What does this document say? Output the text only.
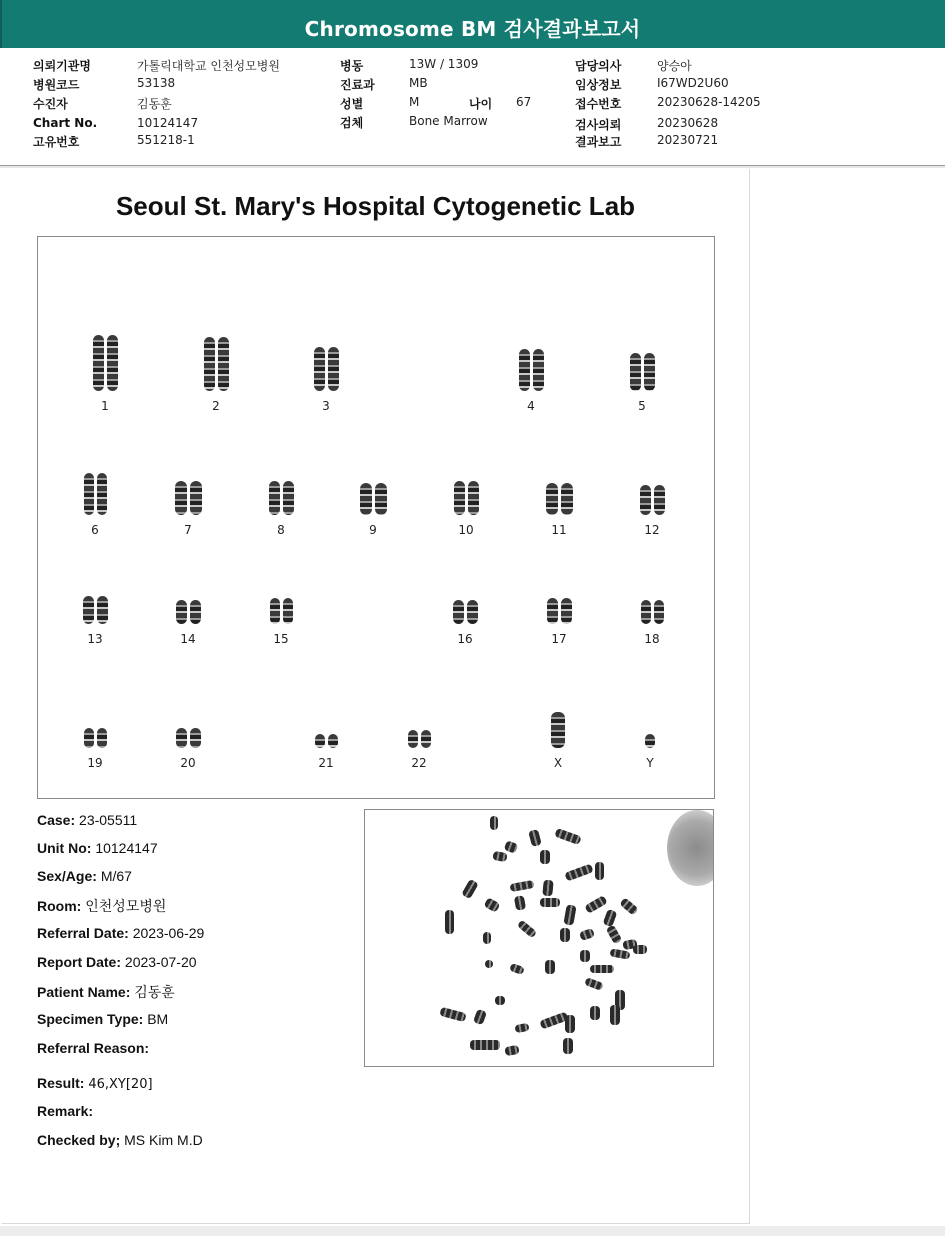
Chromosome BM 검사결과보고서
의뢰기관명	가톨릭대학교 인천성모병원
병원코드	53138
수진자	김동훈
Chart No.	10124147
고유번호	551218-1
병동	13W / 1309
진료과	MB
성별	M	나이 67
검체	Bone Marrow
담당의사	양승아
임상정보	I67WD2U60
접수번호	20230628-14205
검사의뢰	20230628
결과보고	20230721
Seoul St. Mary's Hospital Cytogenetic Lab
1	2	3	4	5
6	7	8	9	10	11	12
13	14	15	16	17	18
19	20	21	22	X	Y
Case: 23-05511
Unit No: 10124147
Sex/Age: M/67
Room: 인천성모병원
Referral Date: 2023-06-29
Report Date: 2023-07-20
Patient Name: 김동훈
Specimen Type: BM
Referral Reason:
Result: 46,XY[20]
Remark:
Checked by; MS Kim M.D
